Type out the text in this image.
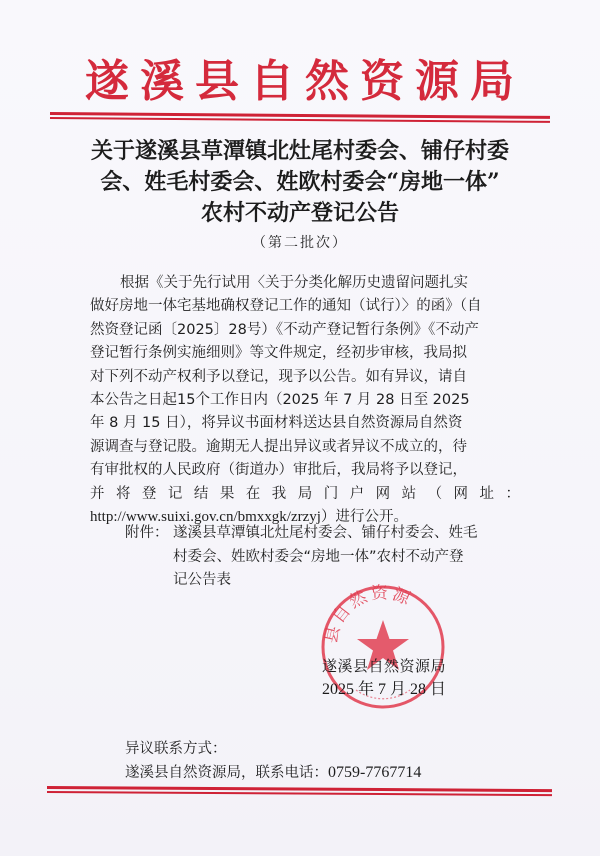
遂溪县自然资源局
关于遂溪县草潭镇北灶尾村委会、铺仔村委
会、姓毛村委会、姓欧村委会“房地一体”
农村不动产登记公告
（第二批次）
根据《关于先行试用〈关于分类化解历史遗留问题扎实
做好房地一体宅基地确权登记工作的通知（试行）〉的函》（自
然资登记函〔2025〕28号）《不动产登记暂行条例》《不动产
登记暂行条例实施细则》等文件规定，经初步审核，我局拟
对下列不动产权利予以登记，现予以公告。如有异议，请自
本公告之日起15个工作日内（2025 年 7 月 28 日至 2025
年 8 月 15 日），将异议书面材料送达县自然资源局自然资
源调查与登记股。逾期无人提出异议或者异议不成立的，待
有审批权的人民政府（街道办）审批后，我局将予以登记，
并将登记结果在我局门户网站（网址：
http://www.suixi.gov.cn/bmxxgk/zrzyj）进行公开。
附件： 遂溪县草潭镇北灶尾村委会、铺仔村委会、姓毛
村委会、姓欧村委会“房地一体”农村不动产登
记公告表
县自然资源
遂溪县自然资源局
2025 年 7 月 28 日
异议联系方式：
遂溪县自然资源局，联系电话：0759-7767714
